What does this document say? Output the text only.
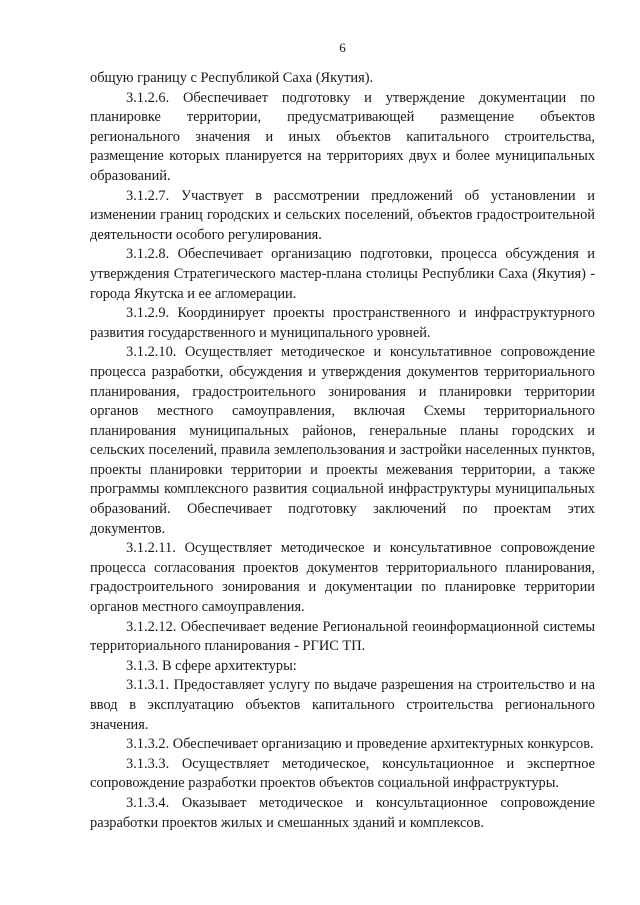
6

общую границу с Республикой Саха (Якутия).

3.1.2.6. Обеспечивает подготовку и утверждение документации по планировке территории, предусматривающей размещение объектов регионального значения и иных объектов капитального строительства, размещение которых планируется на территориях двух и более муниципальных образований.

3.1.2.7. Участвует в рассмотрении предложений об установлении и изменении границ городских и сельских поселений, объектов градостроительной деятельности особого регулирования.

3.1.2.8. Обеспечивает организацию подготовки, процесса обсуждения и утверждения Стратегического мастер-плана столицы Республики Саха (Якутия) - города Якутска и ее агломерации.

3.1.2.9. Координирует проекты пространственного и инфраструктурного развития государственного и муниципального уровней.

3.1.2.10. Осуществляет методическое и консультативное сопровождение процесса разработки, обсуждения и утверждения документов территориального планирования, градостроительного зонирования и планировки территории органов местного самоуправления, включая Схемы территориального планирования муниципальных районов, генеральные планы городских и сельских поселений, правила землепользования и застройки населенных пунктов, проекты планировки территории и проекты межевания территории, а также программы комплексного развития социальной инфраструктуры муниципальных образований. Обеспечивает подготовку заключений по проектам этих документов.

3.1.2.11. Осуществляет методическое и консультативное сопровождение процесса согласования проектов документов территориального планирования, градостроительного зонирования и документации по планировке территории органов местного самоуправления.

3.1.2.12. Обеспечивает ведение Региональной геоинформационной системы территориального планирования - РГИС ТП.

3.1.3. В сфере архитектуры:

3.1.3.1. Предоставляет услугу по выдаче разрешения на строительство и на ввод в эксплуатацию объектов капитального строительства регионального значения.

3.1.3.2. Обеспечивает организацию и проведение архитектурных конкурсов.

3.1.3.3. Осуществляет методическое, консультационное и экспертное сопровождение разработки проектов объектов социальной инфраструктуры.

3.1.3.4. Оказывает методическое и консультационное сопровождение разработки проектов жилых и смешанных зданий и комплексов.
